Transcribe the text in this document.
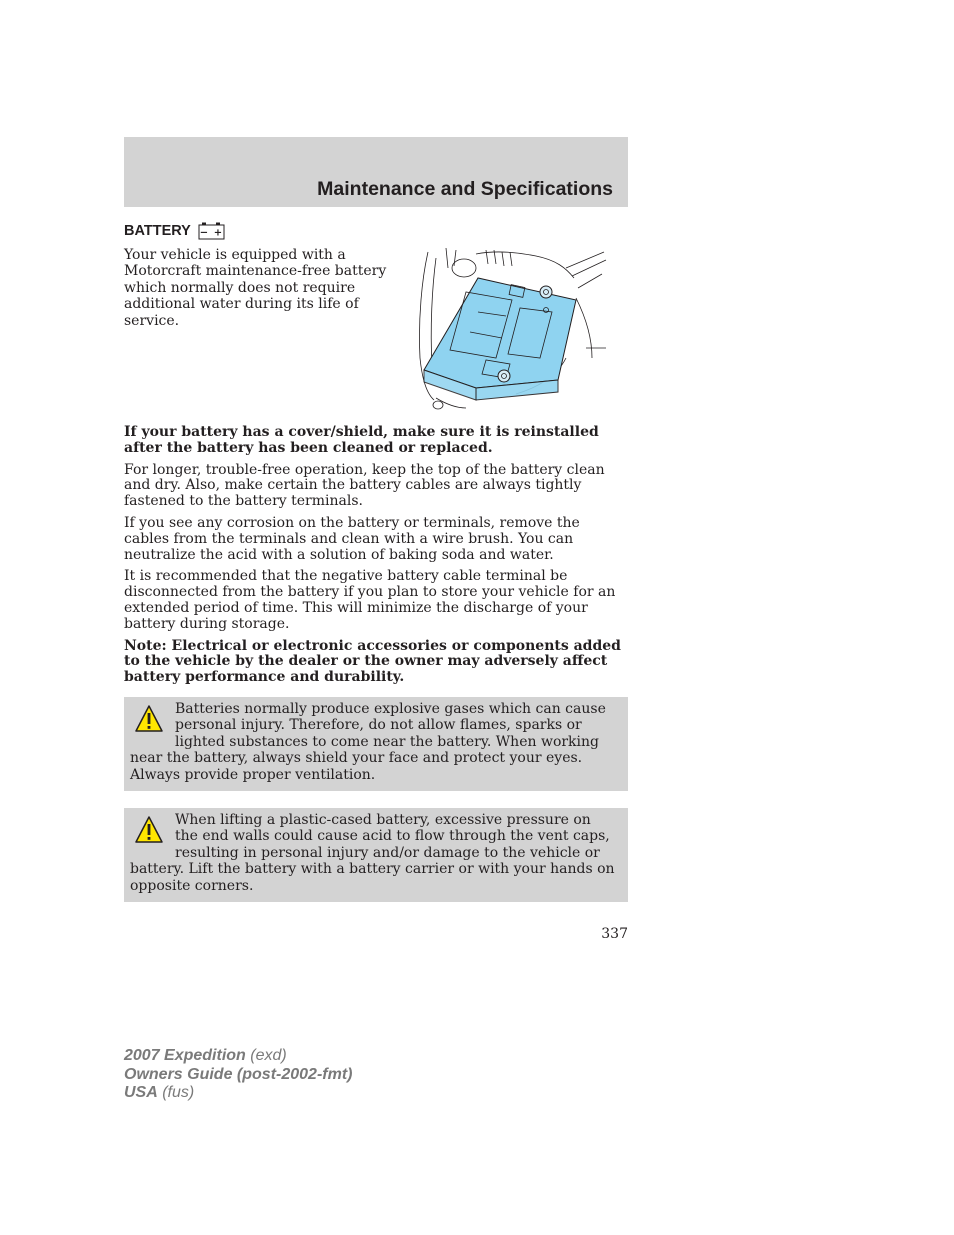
Maintenance and Specifications
BATTERY − +

Your vehicle is equipped with a Motorcraft maintenance-free battery which normally does not require additional water during its life of service.

If your battery has a cover/shield, make sure it is reinstalled after the battery has been cleaned or replaced.

For longer, trouble-free operation, keep the top of the battery clean and dry. Also, make certain the battery cables are always tightly fastened to the battery terminals.

If you see any corrosion on the battery or terminals, remove the cables from the terminals and clean with a wire brush. You can neutralize the acid with a solution of baking soda and water.

It is recommended that the negative battery cable terminal be disconnected from the battery if you plan to store your vehicle for an extended period of time. This will minimize the discharge of your battery during storage.

Note: Electrical or electronic accessories or components added to the vehicle by the dealer or the owner may adversely affect battery performance and durability.

Batteries normally produce explosive gases which can cause personal injury. Therefore, do not allow flames, sparks or lighted substances to come near the battery. When working near the battery, always shield your face and protect your eyes. Always provide proper ventilation.

When lifting a plastic-cased battery, excessive pressure on the end walls could cause acid to flow through the vent caps, resulting in personal injury and/or damage to the vehicle or battery. Lift the battery with a battery carrier or with your hands on opposite corners.

337
2007 Expedition (exd)
Owners Guide (post-2002-fmt)
USA (fus)
